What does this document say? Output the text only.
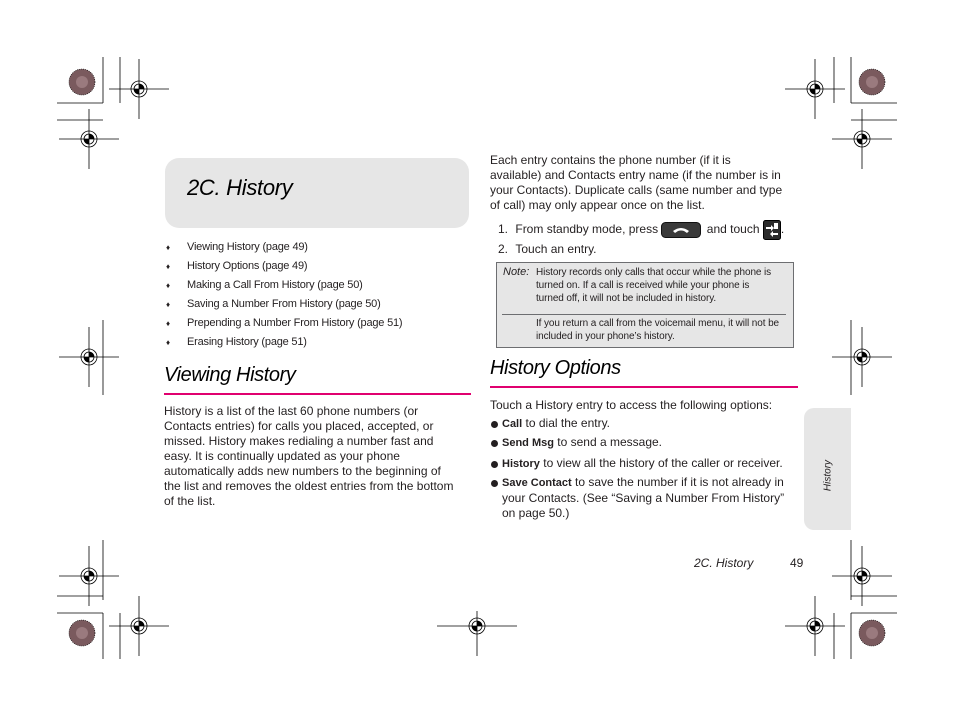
2C. History
♦ Viewing History (page 49)
♦ History Options (page 49)
♦ Making a Call From History (page 50)
♦ Saving a Number From History (page 50)
♦ Prepending a Number From History (page 51)
♦ Erasing History (page 51)
Viewing History
History is a list of the last 60 phone numbers (or
Contacts entries) for calls you placed, accepted, or
missed. History makes redialing a number fast and
easy. It is continually updated as your phone
automatically adds new numbers to the beginning of
the list and removes the oldest entries from the bottom
of the list.
Each entry contains the phone number (if it is
available) and Contacts entry name (if the number is in
your Contacts). Duplicate calls (same number and type
of call) may only appear once on the list.
1. From standby mode, press	and touch .
2. Touch an entry.
Note: History records only calls that occur while the phone is
turned on. If a call is received while your phone is
turned off, it will not be included in history.
If you return a call from the voicemail menu, it will not be
included in your phone’s history.
History Options
Touch a History entry to access the following options:
Call to dial the entry.
Send Msg to send a message.
History to view all the history of the caller or receiver.
Save Contact to save the number if it is not already in your Contacts. (See “Saving a Number From History” on page 50.)
History
2C. History	49
